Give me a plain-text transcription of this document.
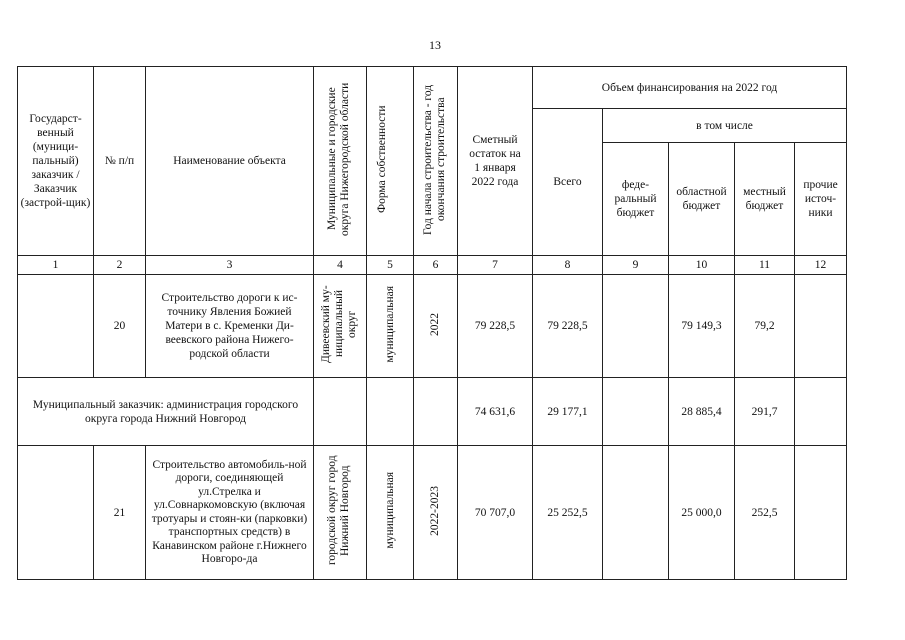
13
Государст-венный (муници-пальный) заказчик / Заказчик (застрой-щик)	№ п/п	Наименование объекта	Муниципальные и городские округа Нижегородской области	Форма собственности	Год начала строительства - год окончания строительства	Сметный остаток на 1 января 2022 года	Объем финансирования на 2022 год				
							Всего	в том числе			
								феде-ральный бюджет	областной бюджет	местный бюджет	прочие источ-ники
1	2	3	4	5	6	7	8	9	10	11	12
	20	Строительство дороги к ис-точнику Явления Божией Матери в с. Кременки Ди-веевского района Нижего-родской области	Дивеевский му-ниципальный округ	муниципальная	2022	79 228,5	79 228,5		79 149,3	79,2	
Муниципальный заказчик: администрация городского округа города Нижний Новгород						74 631,6	29 177,1		28 885,4	291,7	
	21	Строительство автомобиль-ной дороги, соединяющей ул.Стрелка и ул.Совнаркомовскую (включая тротуары и стоян-ки (парковки) транспортных средств) в Канавинском районе г.Нижнего Новгоро-да	городской округ город Нижний Новгород	муниципальная	2022-2023	70 707,0	25 252,5		25 000,0	252,5	
